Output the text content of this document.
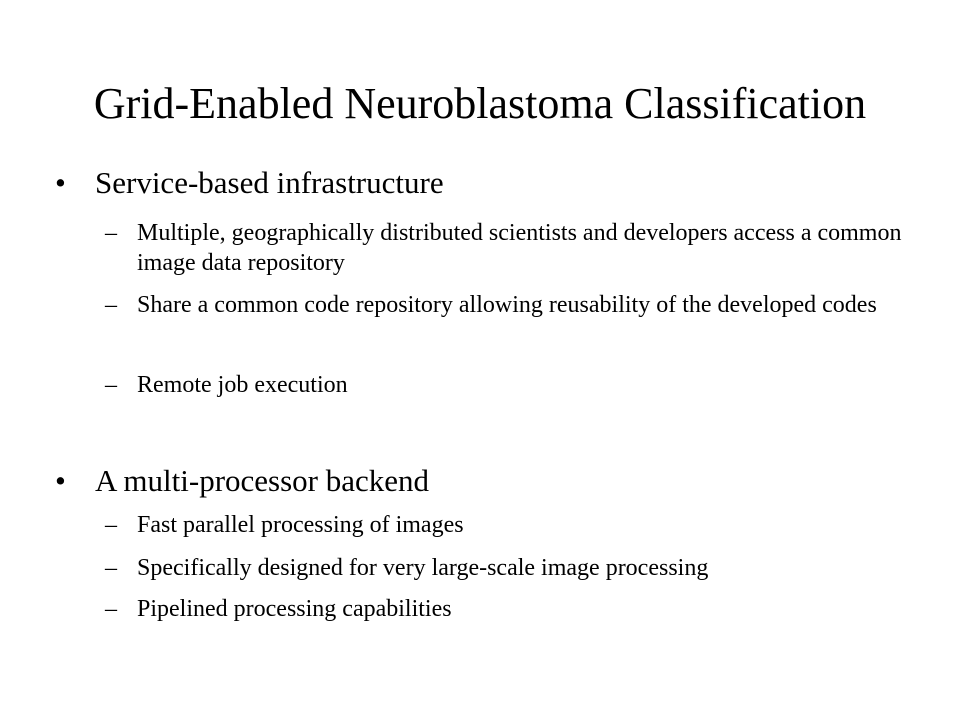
Grid-Enabled Neuroblastoma Classification
• Service-based infrastructure
– Multiple, geographically distributed scientists and developers access a common image data repository
– Share a common code repository allowing reusability of the developed codes
– Remote job execution
• A multi-processor backend
– Fast parallel processing of images
– Specifically designed for very large-scale image processing
– Pipelined processing capabilities
